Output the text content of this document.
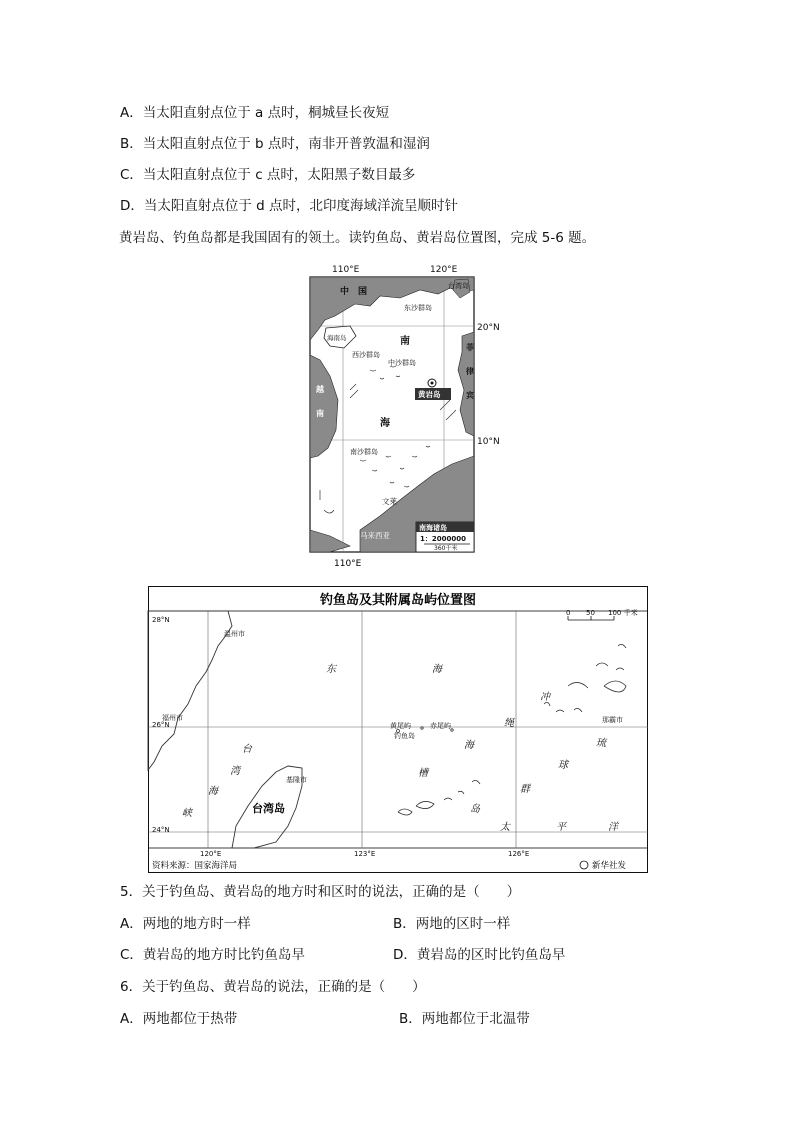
A．当太阳直射点位于 a 点时，桐城昼长夜短
B．当太阳直射点位于 b 点时，南非开普敦温和湿润
C．当太阳直射点位于 c 点时，太阳黑子数目最多
D．当太阳直射点位于 d 点时，北印度海域洋流呈顺时针
黄岩岛、钓鱼岛都是我国固有的领土。读钓鱼岛、黄岩岛位置图，完成 5-6 题。
110°E	120°E
中　国
台湾岛
东沙群岛
海南岛	南
西沙群岛
中沙群岛
黄岩岛
菲
律
宾
越
南
海
10°N
20°N
南沙群岛
文莱
马来西亚
南海诸岛
1：2000000
360千米
110°E
钓鱼岛及其附属岛屿位置图
0 50 100 千米
28°N
26°N
24°N
120°E	123°E	126°E
温州市
福州市
基隆市
黄尾屿	赤尾屿
钓鱼岛
那霸市
东	海
台
湾
海
峡
绳
海
槽
岛
冲
琉
球
群
太	平	洋
台湾岛
资料来源：国家海洋局	新华社发
5．关于钓鱼岛、黄岩岛的地方时和区时的说法，正确的是（　　）
A．两地的地方时一样	B．两地的区时一样
C．黄岩岛的地方时比钓鱼岛早	D．黄岩岛的区时比钓鱼岛早
6．关于钓鱼岛、黄岩岛的说法，正确的是（　　）
A．两地都位于热带	B．两地都位于北温带
